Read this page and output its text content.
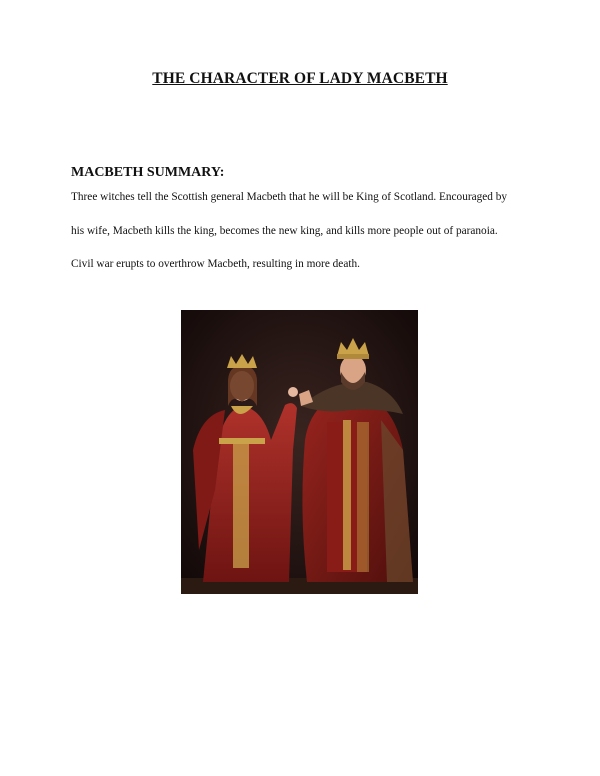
THE CHARACTER OF LADY MACBETH
MACBETH SUMMARY:
Three witches tell the Scottish general Macbeth that he will be King of Scotland. Encouraged by
his wife, Macbeth kills the king, becomes the new king, and kills more people out of paranoia.
Civil war erupts to overthrow Macbeth, resulting in more death.
